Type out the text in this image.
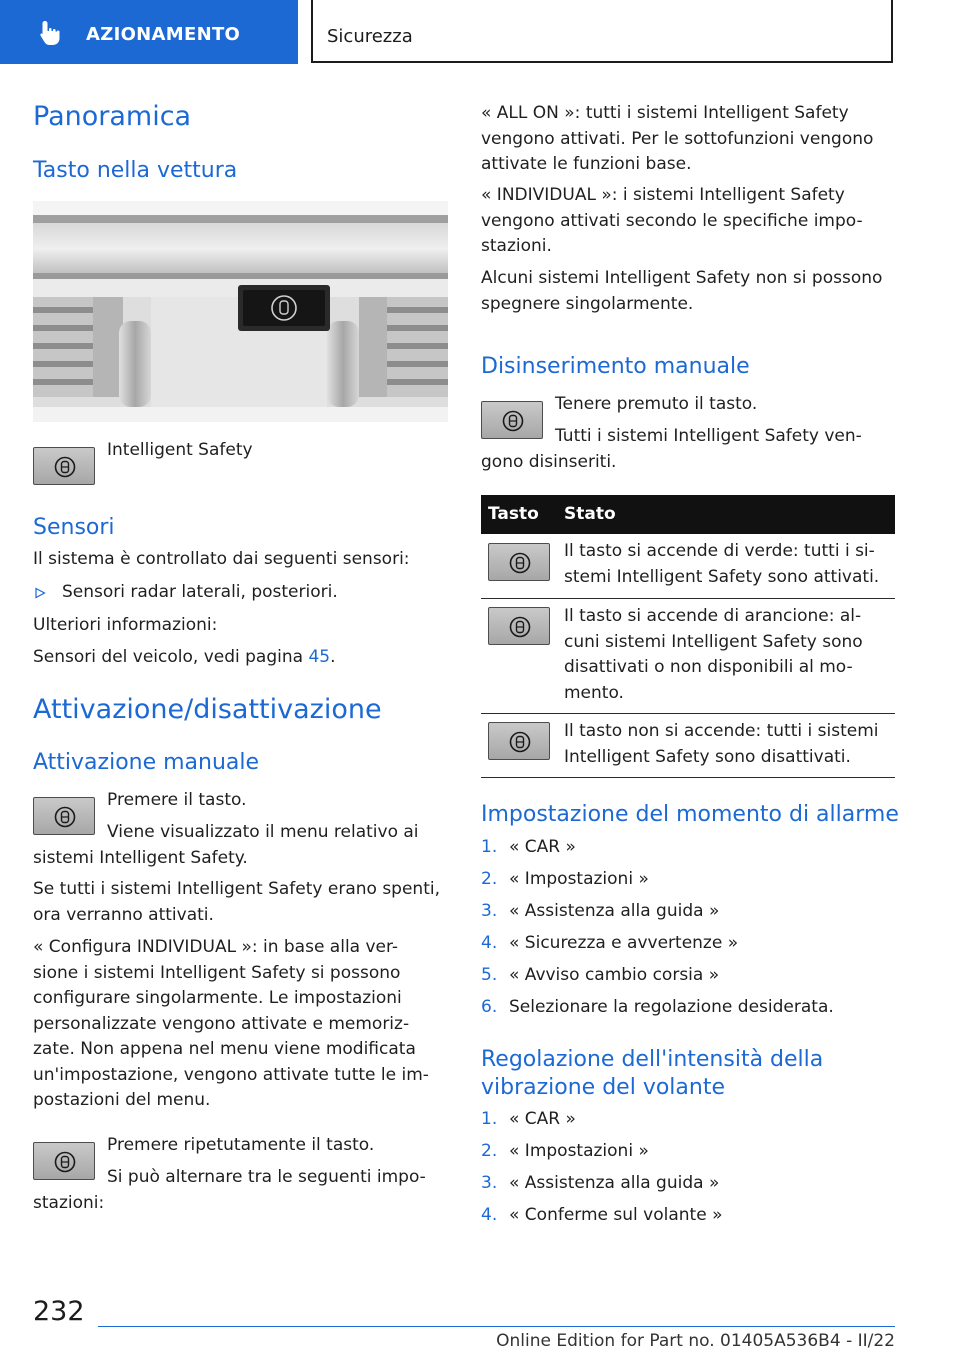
AZIONAMENTO	Sicurezza
Panoramica
Tasto nella vettura
Intelligent Safety
Sensori
Il sistema è controllato dai seguenti sensori:
Sensori radar laterali, posteriori.
Ulteriori informazioni:
Sensori del veicolo, vedi pagina 45.
Attivazione/disattivazione
Attivazione manuale
Premere il tasto.
Viene visualizzato il menu relativo ai
sistemi Intelligent Safety.
Se tutti i sistemi Intelligent Safety erano spenti,
ora verranno attivati.
« Configura INDIVIDUAL »: in base alla ver-
sione i sistemi Intelligent Safety si possono
configurare singolarmente. Le impostazioni
personalizzate vengono attivate e memoriz-
zate. Non appena nel menu viene modificata
un'impostazione, vengono attivate tutte le im-
postazioni del menu.
Premere ripetutamente il tasto.
Si può alternare tra le seguenti impo-
stazioni:
« ALL ON »: tutti i sistemi Intelligent Safety
vengono attivati. Per le sottofunzioni vengono
attivate le funzioni base.
« INDIVIDUAL »: i sistemi Intelligent Safety
vengono attivati secondo le specifiche impo-
stazioni.
Alcuni sistemi Intelligent Safety non si possono
spegnere singolarmente.
Disinserimento manuale
Tenere premuto il tasto.
Tutti i sistemi Intelligent Safety ven-
gono disinseriti.
Tasto Stato
Il tasto si accende di verde: tutti i si-
stemi Intelligent Safety sono attivati.
Il tasto si accende di arancione: al-
cuni sistemi Intelligent Safety sono
disattivati o non disponibili al mo-
mento.
Il tasto non si accende: tutti i sistemi
Intelligent Safety sono disattivati.
Impostazione del momento di allarme
1. « CAR »
2. « Impostazioni »
3. « Assistenza alla guida »
4. « Sicurezza e avvertenze »
5. « Avviso cambio corsia »
6. Selezionare la regolazione desiderata.
Regolazione dell'intensità della
vibrazione del volante
1. « CAR »
2. « Impostazioni »
3. « Assistenza alla guida »
4. « Conferme sul volante »
232
Online Edition for Part no. 01405A536B4 - II/22
